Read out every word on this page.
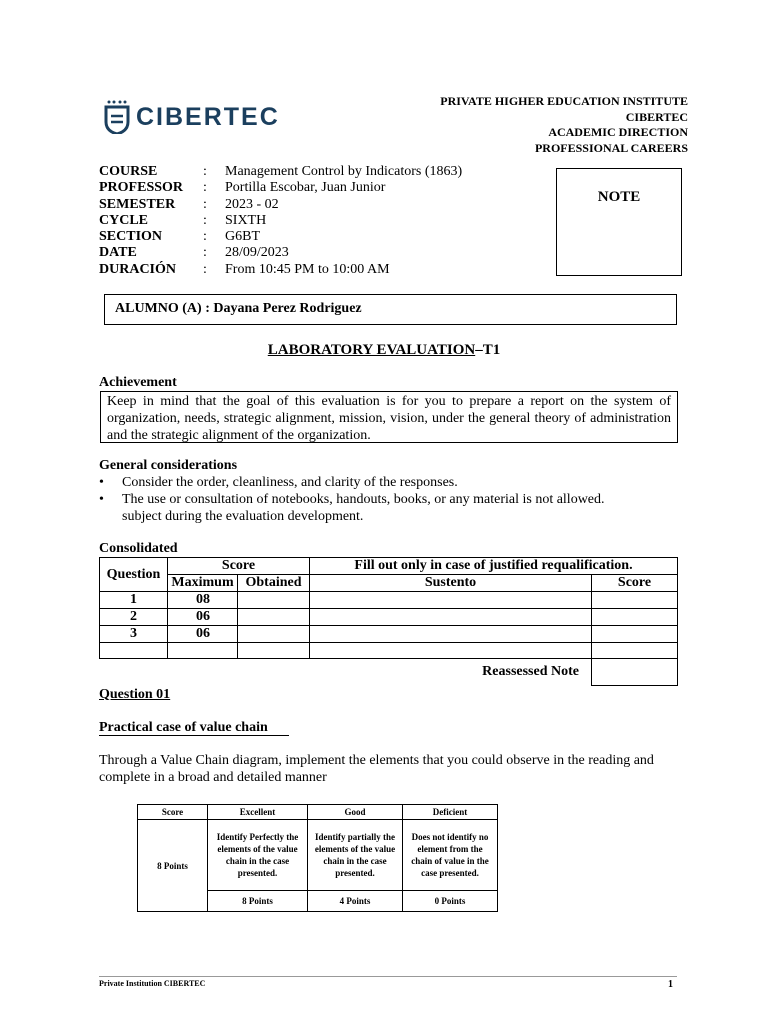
CIBERTEC
PRIVATE HIGHER EDUCATION INSTITUTE
CIBERTEC
ACADEMIC DIRECTION
PROFESSIONAL CAREERS
COURSE	:	Management Control by Indicators (1863)
PROFESSOR	:	Portilla Escobar, Juan Junior
SEMESTER	:	2023 - 02
CYCLE	:	SIXTH
SECTION	:	G6BT
DATE	:	28/09/2023
DURACIÓN	:	From 10:45 PM to 10:00 AM
NOTE
ALUMNO (A) : Dayana Perez Rodriguez
LABORATORY EVALUATION–T1
Achievement
Keep in mind that the goal of this evaluation is for you to prepare a report on the system of organization, needs, strategic alignment, mission, vision, under the general theory of administration and the strategic alignment of the organization.
General considerations
•	Consider the order, cleanliness, and clarity of the responses.
•	The use or consultation of notebooks, handouts, books, or any material is not allowed.
subject during the evaluation development.
Consolidated
Question	Score		Fill out only in case of justified requalification.	
	Maximum	Obtained	Sustento	Score
1	08			
2	06			
3	06			

Reassessed Note				
Question 01
Practical case of value chain
Through a Value Chain diagram, implement the elements that you could observe in the reading and complete in a broad and detailed manner
Score	Excellent	Good	Deficient
8 Points	Identify Perfectly the elements of the value chain in the case presented.	Identify partially the elements of the value chain in the case presented.	Does not identify no element from the chain of value in the case presented.
	8 Points	4 Points	0 Points
Private Institution CIBERTEC	1
